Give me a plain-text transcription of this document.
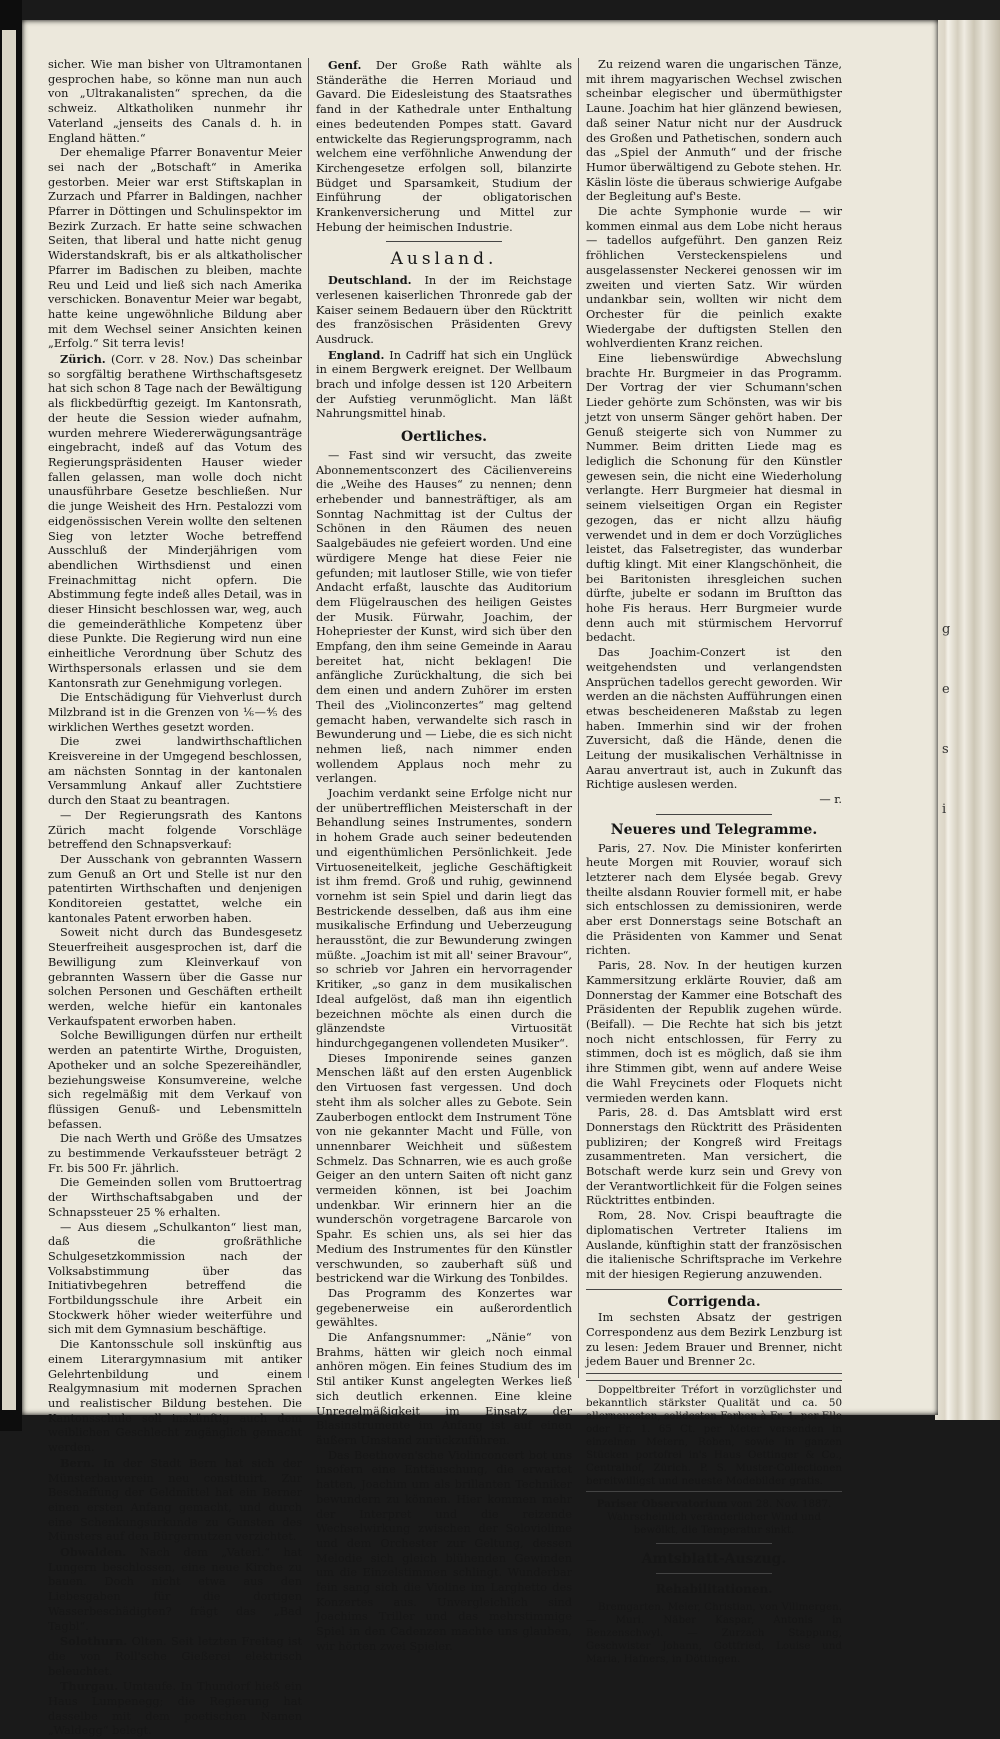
g
e
s
i

sicher. Wie man bisher von Ultramontanen gesprochen habe, so könne man nun auch von „Ultrakanalisten“ sprechen, da die schweiz. Altkatholiken nunmehr ihr Vaterland „jenseits des Canals d. h. in England hätten.“

Der ehemalige Pfarrer Bonaventur Meier sei nach der „Botschaft“ in Amerika gestorben. Meier war erst Stiftskaplan in Zurzach und Pfarrer in Baldingen, nachher Pfarrer in Döttingen und Schulinspektor im Bezirk Zurzach. Er hatte seine schwachen Seiten, that liberal und hatte nicht genug Widerstandskraft, bis er als altkatholischer Pfarrer im Badischen zu bleiben, machte Reu und Leid und ließ sich nach Amerika verschicken. Bonaventur Meier war begabt, hatte keine ungewöhnliche Bildung aber mit dem Wechsel seiner Ansichten keinen „Erfolg.“ Sit terra levis!

Zürich. (Corr. v 28. Nov.) Das scheinbar so sorgfältig berathene Wirthschaftsgesetz hat sich schon 8 Tage nach der Bewältigung als flickbedürftig gezeigt. Im Kantonsrath, der heute die Session wieder aufnahm, wurden mehrere Wiedererwägungsanträge eingebracht, indeß auf das Votum des Regierungspräsidenten Hauser wieder fallen gelassen, man wolle doch nicht unausführbare Gesetze beschließen. Nur die junge Weisheit des Hrn. Pestalozzi vom eidgenössischen Verein wollte den seltenen Sieg von letzter Woche betreffend Ausschluß der Minderjährigen vom abendlichen Wirthsdienst und einen Freinachmittag nicht opfern. Die Abstimmung fegte indeß alles Detail, was in dieser Hinsicht beschlossen war, weg, auch die gemeinderäthliche Kompetenz über diese Punkte. Die Regierung wird nun eine einheitliche Verordnung über Schutz des Wirthspersonals erlassen und sie dem Kantonsrath zur Genehmigung vorlegen.

Die Entschädigung für Viehverlust durch Milzbrand ist in die Grenzen von ⅙—⅘ des wirklichen Werthes gesetzt worden.

Die zwei landwirthschaftlichen Kreisvereine in der Umgegend beschlossen, am nächsten Sonntag in der kantonalen Versammlung Ankauf aller Zuchtstiere durch den Staat zu beantragen.

— Der Regierungsrath des Kantons Zürich macht folgende Vorschläge betreffend den Schnapsverkauf:

Der Ausschank von gebrannten Wassern zum Genuß an Ort und Stelle ist nur den patentirten Wirthschaften und denjenigen Konditoreien gestattet, welche ein kantonales Patent erworben haben.

Soweit nicht durch das Bundesgesetz Steuerfreiheit ausgesprochen ist, darf die Bewilligung zum Kleinverkauf von gebrannten Wassern über die Gasse nur solchen Personen und Geschäften ertheilt werden, welche hiefür ein kantonales Verkaufspatent erworben haben.

Solche Bewilligungen dürfen nur ertheilt werden an patentirte Wirthe, Droguisten, Apotheker und an solche Spezereihändler, beziehungsweise Konsumvereine, welche sich regelmäßig mit dem Verkauf von flüssigen Genuß- und Lebensmitteln befassen.

Die nach Werth und Größe des Umsatzes zu bestimmende Verkaufssteuer beträgt 2 Fr. bis 500 Fr. jährlich.

Die Gemeinden sollen vom Bruttoertrag der Wirthschaftsabgaben und der Schnapssteuer 25 % erhalten.

— Aus diesem „Schulkanton“ liest man, daß die großräthliche Schulgesetzkommission nach der Volksabstimmung über das Initiativbegehren betreffend die Fortbildungsschule ihre Arbeit ein Stockwerk höher wieder weiterführe und sich mit dem Gymnasium beschäftige.

Die Kantonsschule soll inskünftig aus einem Literargymnasium mit antiker Gelehrtenbildung und einem Realgymnasium mit modernen Sprachen und realistischer Bildung bestehen. Die Kantonsschule soll inskünftig auch dem weiblichen Geschlecht zugänglich gemacht werden.

Bern. In der Stadt Bern hat sich der Münsterbauverein neu constituirt. Zur Beschaffung der Geldmittel hat ein Berner einen ersten Anfang gemacht, und durch eine Schenkungsurkunde zu Gunsten des Münsters auf den Bürgernutzen verzichtet.

Obwalden. Nach dem „Vaterl.“ hat Lungern beschlossen, eine neue Kirche zu bauen. Doch nicht etwa aus den Liebesgaben für die dortigen Wasserbeschädigten? frägt das „Bad Tagbl“.

Solothurn. Olten. Seit letzten Freitag ist die von Roll'sche Gießerei elektrisch beleuchtet.

Thurgau. Umtaufe. In Thundorf hieß ein Haus Lumpenegg; die Regierung hat dasselbe mit dem poetischen Namen „Waldegg“ belegt.

Genf. Der Große Rath wählte als Ständeräthe die Herren Moriaud und Gavard. Die Eidesleistung des Staatsrathes fand in der Kathedrale unter Enthaltung eines bedeutenden Pompes statt. Gavard entwickelte das Regierungsprogramm, nach welchem eine verföhnliche Anwendung der Kirchengesetze erfolgen soll, bilanzirte Büdget und Sparsamkeit, Studium der Einführung der obligatorischen Krankenversicherung und Mittel zur Hebung der heimischen Industrie.

Ausland.

Deutschland. In der im Reichstage verlesenen kaiserlichen Thronrede gab der Kaiser seinem Bedauern über den Rücktritt des französischen Präsidenten Grevy Ausdruck.

England. In Cadriff hat sich ein Unglück in einem Bergwerk ereignet. Der Wellbaum brach und infolge dessen ist 120 Arbeitern der Aufstieg verunmöglicht. Man läßt Nahrungsmittel hinab.

Oertliches.

— Fast sind wir versucht, das zweite Abonnementsconzert des Cäcilienvereins die „Weihe des Hauses“ zu nennen; denn erhebender und bannesträftiger, als am Sonntag Nachmittag ist der Cultus der Schönen in den Räumen des neuen Saalgebäudes nie gefeiert worden. Und eine würdigere Menge hat diese Feier nie gefunden; mit lautloser Stille, wie von tiefer Andacht erfaßt, lauschte das Auditorium dem Flügelrauschen des heiligen Geistes der Musik. Fürwahr, Joachim, der Hohepriester der Kunst, wird sich über den Empfang, den ihm seine Gemeinde in Aarau bereitet hat, nicht beklagen! Die anfängliche Zurückhaltung, die sich bei dem einen und andern Zuhörer im ersten Theil des „Violinconzertes“ mag geltend gemacht haben, verwandelte sich rasch in Bewunderung und — Liebe, die es sich nicht nehmen ließ, nach nimmer enden wollendem Applaus noch mehr zu verlangen.

Joachim verdankt seine Erfolge nicht nur der unübertrefflichen Meisterschaft in der Behandlung seines Instrumentes, sondern in hohem Grade auch seiner bedeutenden und eigenthümlichen Persönlichkeit. Jede Virtuoseneitelkeit, jegliche Geschäftigkeit ist ihm fremd. Groß und ruhig, gewinnend vornehm ist sein Spiel und darin liegt das Bestrickende desselben, daß aus ihm eine musikalische Erfindung und Ueberzeugung herausstönt, die zur Bewunderung zwingen müßte. „Joachim ist mit all' seiner Bravour“, so schrieb vor Jahren ein hervorragender Kritiker, „so ganz in dem musikalischen Ideal aufgelöst, daß man ihn eigentlich bezeichnen möchte als einen durch die glänzendste Virtuosität hindurchgegangenen vollendeten Musiker“.

Dieses Imponirende seines ganzen Menschen läßt auf den ersten Augenblick den Virtuosen fast vergessen. Und doch steht ihm als solcher alles zu Gebote. Sein Zauberbogen entlockt dem Instrument Töne von nie gekannter Macht und Fülle, von unnennbarer Weichheit und süßestem Schmelz. Das Schnarren, wie es auch große Geiger an den untern Saiten oft nicht ganz vermeiden können, ist bei Joachim undenkbar. Wir erinnern hier an die wunderschön vorgetragene Barcarole von Spahr. Es schien uns, als sei hier das Medium des Instrumentes für den Künstler verschwunden, so zauberhaft süß und bestrickend war die Wirkung des Tonbildes.

Das Programm des Konzertes war gegebenerweise ein außerordentlich gewähltes.

Die Anfangsnummer: „Nänie“ von Brahms, hätten wir gleich noch einmal anhören mögen. Ein feines Studium des im Stil antiker Kunst angelegten Werkes ließ sich deutlich erkennen. Eine kleine Unregelmäßigkeit im Einsatz der Blasinstrumente im Anfang ist auf einen äußern Umstand zurückzuführen.

Das Beethoven'sche Violinconcert bot uns insofern eine Enttäuschung, die erwartet hatten, Joachim um als brillanten Techniker bewundern zu können. Hier kommen mehr der Interpret und die reizende Wechselwirkung zwischen der Soloviolime und dem Orchester zur Geltung, dessen Melodie sich gleich blühenden Gewinden um die Einzelstimmen schlingt. Wunderbar fein sang sich die Violine im Larghetto des Konzertes aus. Unvergleichlich sind Joachims Triller und das mehrstimmige Spiel in den Cadenzen machte uns glauben, wir hörten zwei Spieler.

Zu reizend waren die ungarischen Tänze, mit ihrem magyarischen Wechsel zwischen scheinbar elegischer und übermüthigster Laune. Joachim hat hier glänzend bewiesen, daß seiner Natur nicht nur der Ausdruck des Großen und Pathetischen, sondern auch das „Spiel der Anmuth“ und der frische Humor überwältigend zu Gebote stehen. Hr. Käslin löste die überaus schwierige Aufgabe der Begleitung auf's Beste.

Die achte Symphonie wurde — wir kommen einmal aus dem Lobe nicht heraus — tadellos aufgeführt. Den ganzen Reiz fröhlichen Versteckenspielens und ausgelassenster Neckerei genossen wir im zweiten und vierten Satz. Wir würden undankbar sein, wollten wir nicht dem Orchester für die peinlich exakte Wiedergabe der duftigsten Stellen den wohlverdienten Kranz reichen.

Eine liebenswürdige Abwechslung brachte Hr. Burgmeier in das Programm. Der Vortrag der vier Schumann'schen Lieder gehörte zum Schönsten, was wir bis jetzt von unserm Sänger gehört haben. Der Genuß steigerte sich von Nummer zu Nummer. Beim dritten Liede mag es lediglich die Schonung für den Künstler gewesen sein, die nicht eine Wiederholung verlangte. Herr Burgmeier hat diesmal in seinem vielseitigen Organ ein Register gezogen, das er nicht allzu häufig verwendet und in dem er doch Vorzügliches leistet, das Falsetregister, das wunderbar duftig klingt. Mit einer Klangschönheit, die bei Baritonisten ihresgleichen suchen dürfte, jubelte er sodann im Bruſtton das hohe Fis heraus. Herr Burgmeier wurde denn auch mit stürmischem Hervorruf bedacht.

Das Joachim-Conzert ist den weitgehendsten und verlangendsten Ansprüchen tadellos gerecht geworden. Wir werden an die nächsten Aufführungen einen etwas bescheideneren Maßstab zu legen haben. Immerhin sind wir der frohen Zuversicht, daß die Hände, denen die Leitung der musikalischen Verhältnisse in Aarau anvertraut ist, auch in Zukunft das Richtige auslesen werden.

— r.
Neueres und Telegramme.

Paris, 27. Nov. Die Minister konferirten heute Morgen mit Rouvier, worauf sich letzterer nach dem Elysée begab. Grevy theilte alsdann Rouvier formell mit, er habe sich entschlossen zu demissioniren, werde aber erst Donnerstags seine Botschaft an die Präsidenten von Kammer und Senat richten.

Paris, 28. Nov. In der heutigen kurzen Kammersitzung erklärte Rouvier, daß am Donnerstag der Kammer eine Botschaft des Präsidenten der Republik zugehen würde. (Beifall). — Die Rechte hat sich bis jetzt noch nicht entschlossen, für Ferry zu stimmen, doch ist es möglich, daß sie ihm ihre Stimmen gibt, wenn auf andere Weise die Wahl Freycinets oder Floquets nicht vermieden werden kann.

Paris, 28. d. Das Amtsblatt wird erst Donnerstags den Rücktritt des Präsidenten publiziren; der Kongreß wird Freitags zusammentreten. Man versichert, die Botschaft werde kurz sein und Grevy von der Verantwortlichkeit für die Folgen seines Rücktrittes entbinden.

Rom, 28. Nov. Crispi beauftragte die diplomatischen Vertreter Italiens im Auslande, künftighin statt der französischen die italienische Schriftsprache im Verkehre mit der hiesigen Regierung anzuwenden.

Corrigenda.

Im sechsten Absatz der gestrigen Correspondenz aus dem Bezirk Lenzburg ist zu lesen: Jedem Brauer und Brenner, nicht jedem Bauer und Brenner 2c.

Doppeltbreiter Tréfort in vorzüglichster und bekanntlich stärkster Qualität und ca. 50 allerneuesten, solidesten Farben à Fr. 1. per Elle oder Fr. 1. 65 Ct. per Meter versenden in einzelnen Metern, Roben, sowie in ganzen Stücken portofrei in's Haus Oettinger & Co., Centralhof, Zürich. P. S. Muster-Collectionen bereitwilligst und neueste Modebilder gratis.

Pariser Observatorium vom 28. Nov. 1887.
Wahrscheinlich veränderlicher Wind und bewölkt, die Temperatur sinkt.
Amtsblatt-Auszug.
Rehabilitationen.

Bremgarten. Meier, Christian, von Villmergen. — Muri. Näber Kaspar, Antonis in Benzenschwyl. — Zurzach Stappung, Geschwister Johann, Gottfried, Louise und Maria, Hafners, in Döttingen.
